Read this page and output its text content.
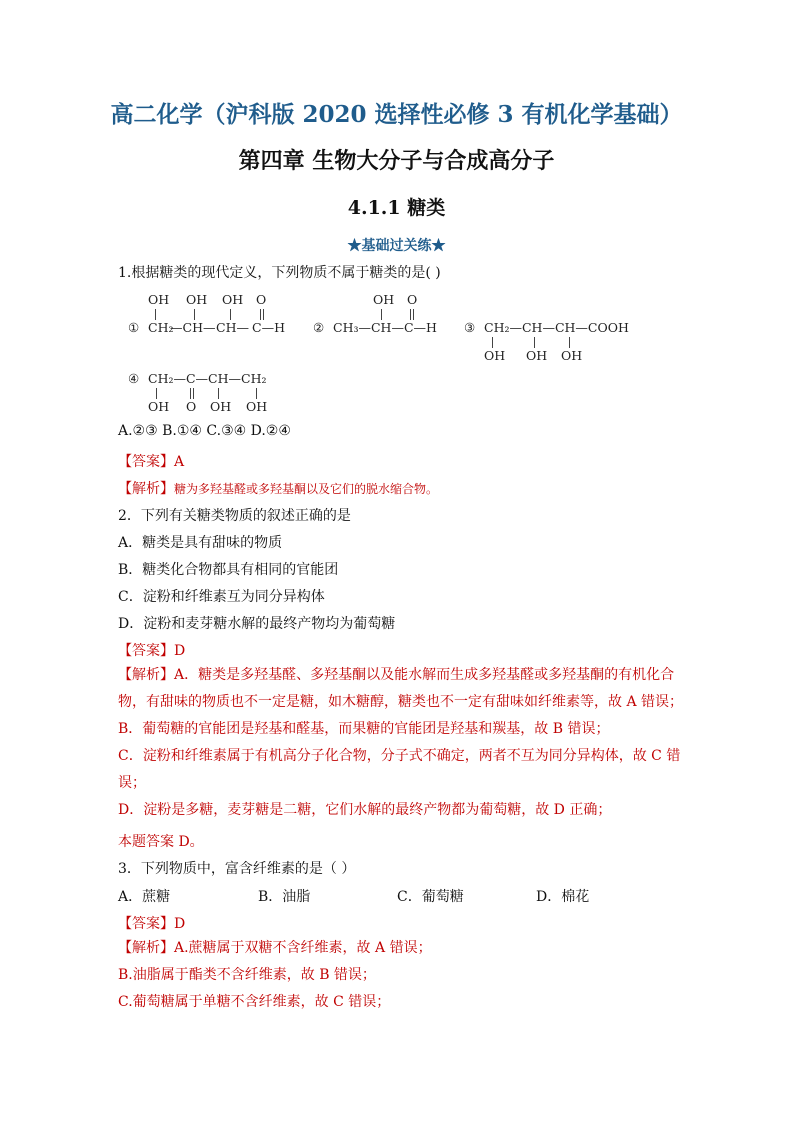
高二化学（沪科版 2020 选择性必修 3 有机化学基础）
第四章 生物大分子与合成高分子
4.1.1 糖类
★基础过关练★
1.根据糖类的现代定义，下列物质不属于糖类的是( )
OH OH OH O
① CH₂
—CH— CH— C—H
OH O
② CH₃—CH—C—H ③ CH₂—CH—CH—COOH
OH OH OH
④ CH₂—C—CH—CH₂
OH O OH OH
A.②③ B.①④ C.③④ D.②④
【答案】A
【解析】糖为多羟基醛或多羟基酮以及它们的脱水缩合物。
2．下列有关糖类物质的叙述正确的是
A．糖类是具有甜味的物质
B．糖类化合物都具有相同的官能团
C．淀粉和纤维素互为同分异构体
D．淀粉和麦芽糖水解的最终产物均为葡萄糖
【答案】D
【解析】A．糖类是多羟基醛、多羟基酮以及能水解而生成多羟基醛或多羟基酮的有机化合
物，有甜味的物质也不一定是糖，如木糖醇，糖类也不一定有甜味如纤维素等，故 A 错误；
B．葡萄糖的官能团是羟基和醛基，而果糖的官能团是羟基和羰基，故 B 错误；
C．淀粉和纤维素属于有机高分子化合物，分子式不确定，两者不互为同分异构体，故 C 错
误；
D．淀粉是多糖，麦芽糖是二糖，它们水解的最终产物都为葡萄糖，故 D 正确；
本题答案 D。
3．下列物质中，富含纤维素的是（ ）
A．蔗糖	B．油脂	C．葡萄糖	D．棉花
【答案】D
【解析】A.蔗糖属于双糖不含纤维素，故 A 错误；
B.油脂属于酯类不含纤维素，故 B 错误；
C.葡萄糖属于单糖不含纤维素，故 C 错误；
